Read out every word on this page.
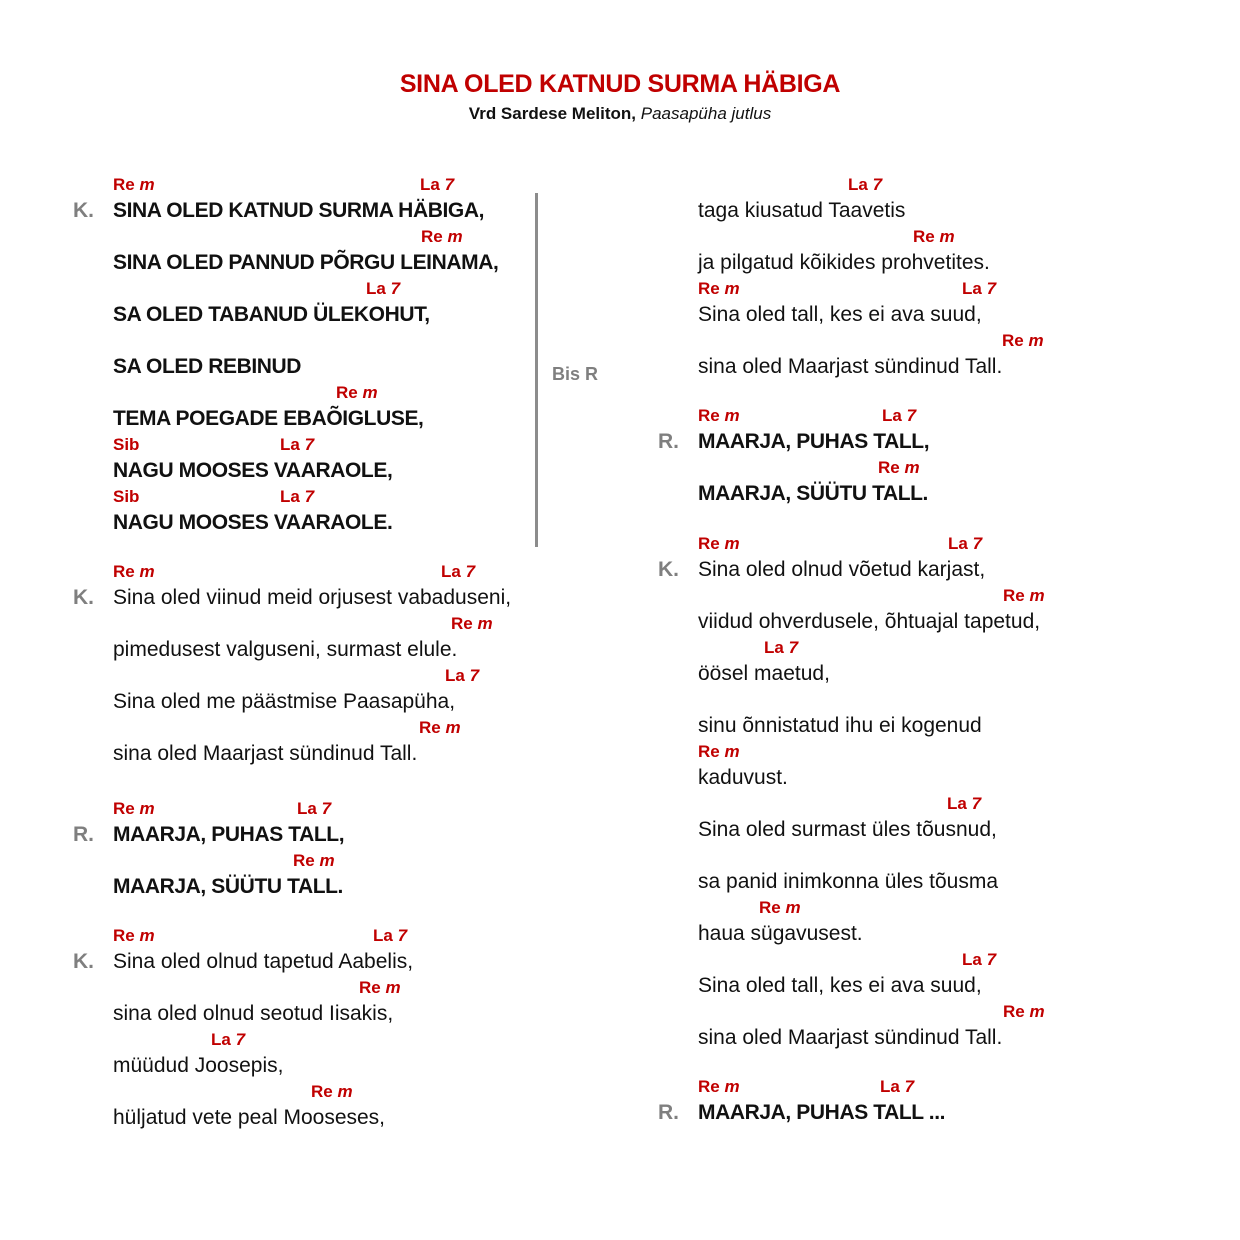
SINA OLED KATNUD SURMA HÄBIGA
Vrd Sardese Meliton, Paasapüha jutlus
K.
Re m	La 7
SINA OLED KATNUD SURMA HÄBIGA,
Re m
SINA OLED PANNUD PÕRGU LEINAMA,
La 7
SA OLED TABANUD ÜLEKOHUT,
SA OLED REBINUD
Re m
TEMA POEGADE EBAÕIGLUSE,
Sib	La 7
NAGU MOOSES VAARAOLE,
Sib	La 7
NAGU MOOSES VAARAOLE.
K.
Re m	La 7
Sina oled viinud meid orjusest vabaduseni,
Re m
pimedusest valguseni, surmast elule.
La 7
Sina oled me päästmise Paasapüha,
Re m
sina oled Maarjast sündinud Tall.
R.
Re m	La 7
MAARJA, PUHAS TALL,
Re m
MAARJA, SÜÜTU TALL.
K.
Re m	La 7
Sina oled olnud tapetud Aabelis,
Re m
sina oled olnud seotud Iisakis,
La 7
müüdud Joosepis,
Re m
hüljatud vete peal Mooseses,
La 7
taga kiusatud Taavetis
Re m
ja pilgatud kõikides prohvetites.
Re m	La 7
Sina oled tall, kes ei ava suud,
Re m
sina oled Maarjast sündinud Tall.
R.
Re m	La 7
MAARJA, PUHAS TALL,
Re m
MAARJA, SÜÜTU TALL.
K.
Re m	La 7
Sina oled olnud võetud karjast,
Re m
viidud ohverdusele, õhtuajal tapetud,
La 7
öösel maetud,
sinu õnnistatud ihu ei kogenud
Re m
kaduvust.
La 7
Sina oled surmast üles tõusnud,
sa panid inimkonna üles tõusma
Re m
haua sügavusest.
La 7
Sina oled tall, kes ei ava suud,
Re m
sina oled Maarjast sündinud Tall.
R.
Re m	La 7
MAARJA, PUHAS TALL ...
Bis R
